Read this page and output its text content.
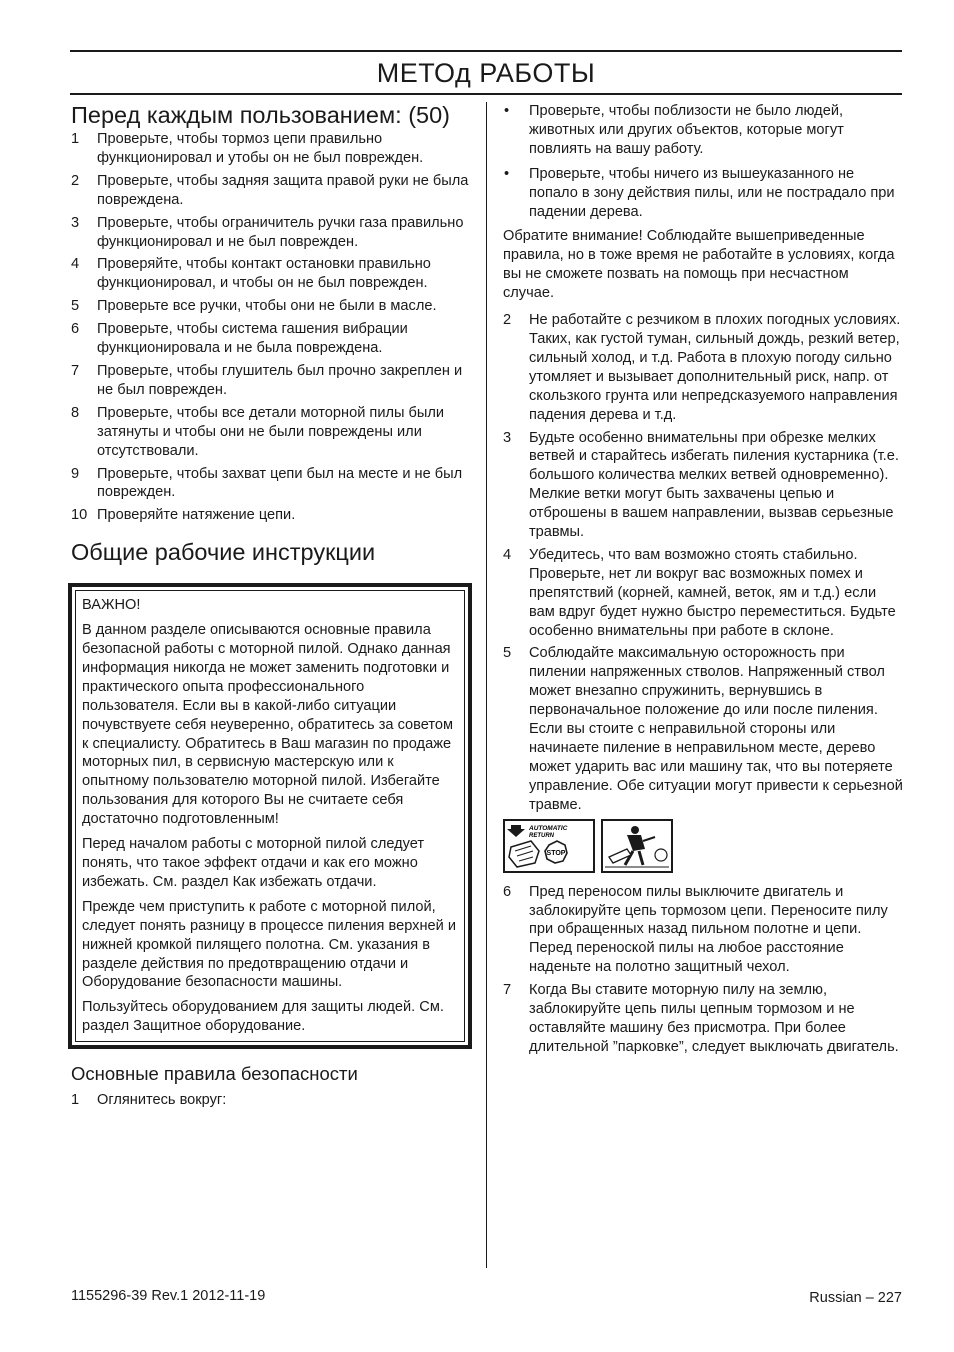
МЕТОд РАБОТЫ
Перед каждым пользованием: (50)
1 Проверьте, чтобы тормоз цепи правильно функционировал и утобы он не был поврежден.
2 Проверьте, чтобы задняя защита правой руки не была повреждена.
3 Проверьте, чтобы ограничитель ручки газа правильно функционировал и не был поврежден.
4 Проверяйте, чтобы контакт остановки правильно функционировал, и чтобы он не был поврежден.
5 Проверьте все ручки, чтобы они не были в масле.
6 Проверьте, чтобы система гашения вибрации функционировала и не была повреждена.
7 Проверьте, чтобы глушитель был прочно закреплен и не был поврежден.
8 Проверьте, чтобы все детали моторной пилы были затянуты и чтобы они не были повреждены или отсутствовали.
9 Проверьте, чтобы захват цепи был на месте и не был поврежден.
10 Проверяйте натяжение цепи.
Общие рабочие инструкции

ВАЖНО!

В данном разделе описываются основные правила безопасной работы с моторной пилой. Однако данная информация никогда не может заменить подготовки и практического опыта профессионального пользователя. Если вы в какой-либо ситуации почувствуете себя неуверенно, обратитесь за советом к специалисту. Обратитесь в Ваш магазин по продаже моторных пил, в сервисную мастерскую или к опытному пользователю моторной пилой. Избегайте пользования для которого Вы не считаете себя достаточно подготовленным!

Перед началом работы с моторной пилой следует понять, что такое эффект отдачи и как его можно избежать. См. раздел Как избежать отдачи.

Прежде чем приступить к работе с моторной пилой, следует понять разницу в процессе пиления верхней и нижней кромкой пилящего полотна. См. указания в разделе действия по предотвращению отдачи и Оборудование безопасности машины.

Пользуйтесь оборудованием для защиты людей. См. раздел Защитное оборудование.

Основные правила безопасности
1 Оглянитесь вокруг:
• Проверьте, чтобы поблизости не было людей, животных или других объектов, которые могут повлиять на вашу работу.
• Проверьте, чтобы ничего из вышеуказанного не попало в зону действия пилы, или не пострадало при падении дерева.

Обратите внимание! Соблюдайте вышеприведенные правила, но в тоже время не работайте в условиях, когда вы не сможете позвать на помощь при несчастном случае.

2 Не работайте с резчиком в плохих погодных условиях. Таких, как густой туман, сильный дождь, резкий ветер, сильный холод, и т.д. Работа в плохую погоду сильно утомляет и вызывает дополнительный риск, напр. от скользкого грунта или непредсказуемого направления падения дерева и т.д.
3 Будьте особенно внимательны при обрезке мелких ветвей и старайтесь избегать пиления кустарника (т.е. большого количества мелких ветвей одновременно). Мелкие ветки могут быть захвачены цепью и отброшены в вашем направлении, вызвав серьезные травмы.
4 Убедитесь, что вам возможно стоять стабильно. Проверьте, нет ли вокруг вас возможных помех и препятствий (корней, камней, веток, ям и т.д.) если вам вдруг будет нужно быстро переместиться. Будьте особенно внимательны при работе в склоне.
5 Соблюдайте максимальную осторожность при пилении напряженных стволов. Напряженный ствол может внезапно спружинить, вернувшись в первоначальное положение до или после пиления. Если вы стоите с неправильной стороны или начинаете пиление в неправильном месте, дерево может ударить вас или машину так, что вы потеряете управление. Обе ситуации могут привести к серьезной травме.
AUTOMATIC
RETURN
STOP
6 Пред переносом пилы выключите двигатель и заблокируйте цепь тормозом цепи. Переносите пилу при обращенных назад пильном полотне и цепи. Перед переноской пилы на любое расстояние наденьте на полотно защитный чехол.
7 Когда Вы ставите моторную пилу на землю, заблокируйте цепь пилы цепным тормозом и не оставляйте машину без присмотра. При более длительной ”парковке”, следует выключать двигатель.
1155296-39 Rev.1 2012-11-19	Russian – 227
